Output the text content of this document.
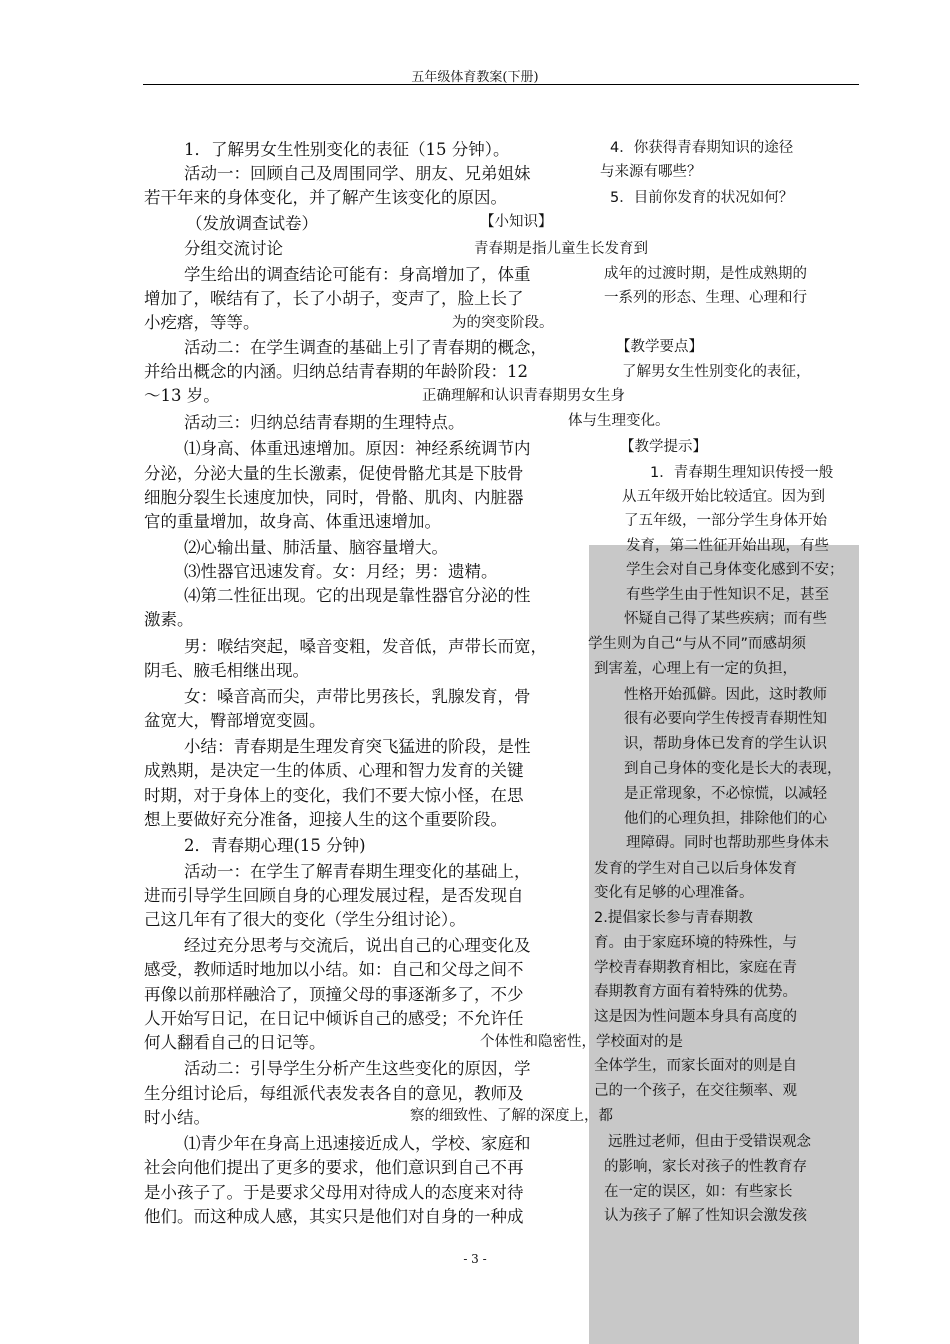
五年级体育教案(下册)
1．了解男女生性别变化的表征（15 分钟）。
活动一：回顾自己及周围同学、朋友、兄弟姐妹
若干年来的身体变化，并了解产生该变化的原因。
（发放调查试卷）
分组交流讨论
学生给出的调查结论可能有：身高增加了，体重
增加了，喉结有了，长了小胡子，变声了，脸上长了
小疙瘩，等等。
活动二：在学生调查的基础上引了青春期的概念，
并给出概念的内涵。归纳总结青春期的年龄阶段：12
～13 岁。
活动三：归纳总结青春期的生理特点。
⑴身高、体重迅速增加。原因：神经系统调节内
分泌，分泌大量的生长激素，促使骨骼尤其是下肢骨
细胞分裂生长速度加快，同时，骨骼、肌肉、内脏器
官的重量增加，故身高、体重迅速增加。
⑵心输出量、肺活量、脑容量增大。
⑶性器官迅速发育。女：月经；男：遗精。
⑷第二性征出现。它的出现是靠性器官分泌的性
激素。
男：喉结突起，嗓音变粗，发音低，声带长而宽，
阴毛、腋毛相继出现。
女：嗓音高而尖，声带比男孩长，乳腺发育，骨
盆宽大，臀部增宽变圆。
小结：青春期是生理发育突飞猛进的阶段，是性
成熟期，是决定一生的体质、心理和智力发育的关键
时期，对于身体上的变化，我们不要大惊小怪，在思
想上要做好充分准备，迎接人生的这个重要阶段。
2．青春期心理(15 分钟)
活动一：在学生了解青春期生理变化的基础上，
进而引导学生回顾自身的心理发展过程，是否发现自
己这几年有了很大的变化（学生分组讨论）。
经过充分思考与交流后，说出自己的心理变化及
感受，教师适时地加以小结。如：自己和父母之间不
再像以前那样融洽了，顶撞父母的事逐渐多了，不少
人开始写日记，在日记中倾诉自己的感受；不允许任
何人翻看自己的日记等。
活动二：引导学生分析产生这些变化的原因，学
生分组讨论后，每组派代表发表各自的意见，教师及
时小结。
⑴青少年在身高上迅速接近成人，学校、家庭和
社会向他们提出了更多的要求，他们意识到自己不再
是小孩子了。于是要求父母用对待成人的态度来对待
他们。而这种成人感，其实只是他们对自身的一种成
4．你获得青春期知识的途径
与来源有哪些？
5．目前你发育的状况如何？
【小知识】
青春期是指儿童生长发育到
成年的过渡时期，是性成熟期的
一系列的形态、生理、心理和行
为的突变阶段。
【教学要点】
了解男女生性别变化的表征，
正确理解和认识青春期男女生身
体与生理变化。
【教学提示】
1．青春期生理知识传授一般
从五年级开始比较适宜。因为到
了五年级，一部分学生身体开始
发育，第二性征开始出现，有些
学生会对自己身体变化感到不安；
有些学生由于性知识不足，甚至
怀疑自己得了某些疾病；而有些
学生则为自己“与从不同”而感胡须
到害羞，心理上有一定的负担，
性格开始孤僻。因此，这时教师
很有必要向学生传授青春期性知
识，帮助身体已发育的学生认识
到自己身体的变化是长大的表现，
是正常现象，不必惊慌，以减轻
他们的心理负担，排除他们的心
理障碍。同时也帮助那些身体未
发育的学生对自己以后身体发育
变化有足够的心理准备。
2.提倡家长参与青春期教
育。由于家庭环境的特殊性，与
学校青春期教育相比，家庭在青
春期教育方面有着特殊的优势。
这是因为性问题本身具有高度的
个体性和隐密性，学校面对的是
全体学生，而家长面对的则是自
己的一个孩子，在交往频率、观
察的细致性、了解的深度上，都
远胜过老师，但由于受错误观念
的影响，家长对孩子的性教育存
在一定的误区，如：有些家长
认为孩子了解了性知识会激发孩
- 3 -
